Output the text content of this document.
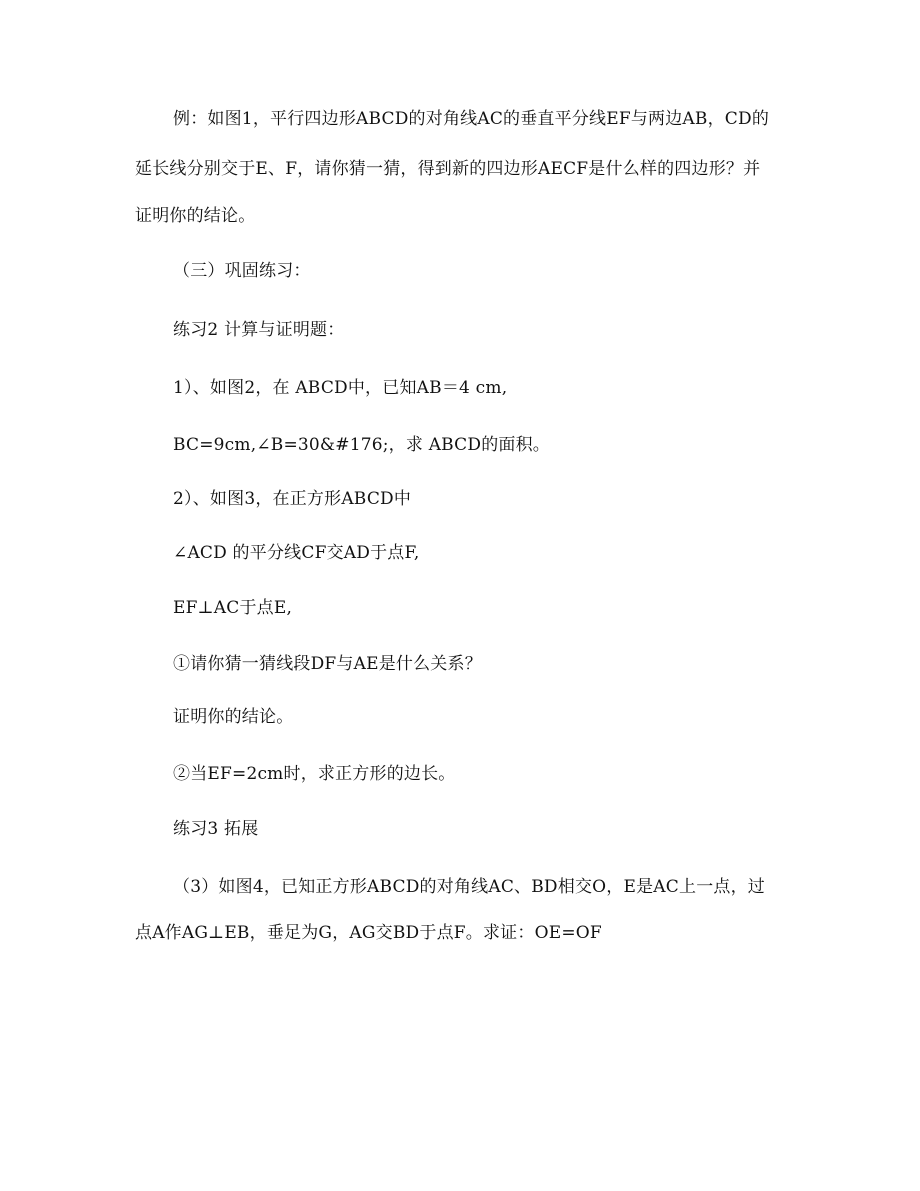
例：如图1，平行四边形ABCD的对角线AC的垂直平分线EF与两边AB，CD的
延长线分别交于E、F，请你猜一猜，得到新的四边形AECF是什么样的四边形？并
证明你的结论。
（三）巩固练习：
练习2 计算与证明题：
1）、如图2，在 ABCD中，已知AB＝4 cm,
BC=9cm,∠B=30&#176;，求 ABCD的面积。
2）、如图3，在正方形ABCD中
∠ACD 的平分线CF交AD于点F,
EF⊥AC于点E,
①请你猜一猜线段DF与AE是什么关系？
证明你的结论。
②当EF=2cm时，求正方形的边长。
练习3 拓展
（3）如图4，已知正方形ABCD的对角线AC、BD相交O，E是AC上一点，过
点A作AG⊥EB，垂足为G，AG交BD于点F。求证：OE=OF
